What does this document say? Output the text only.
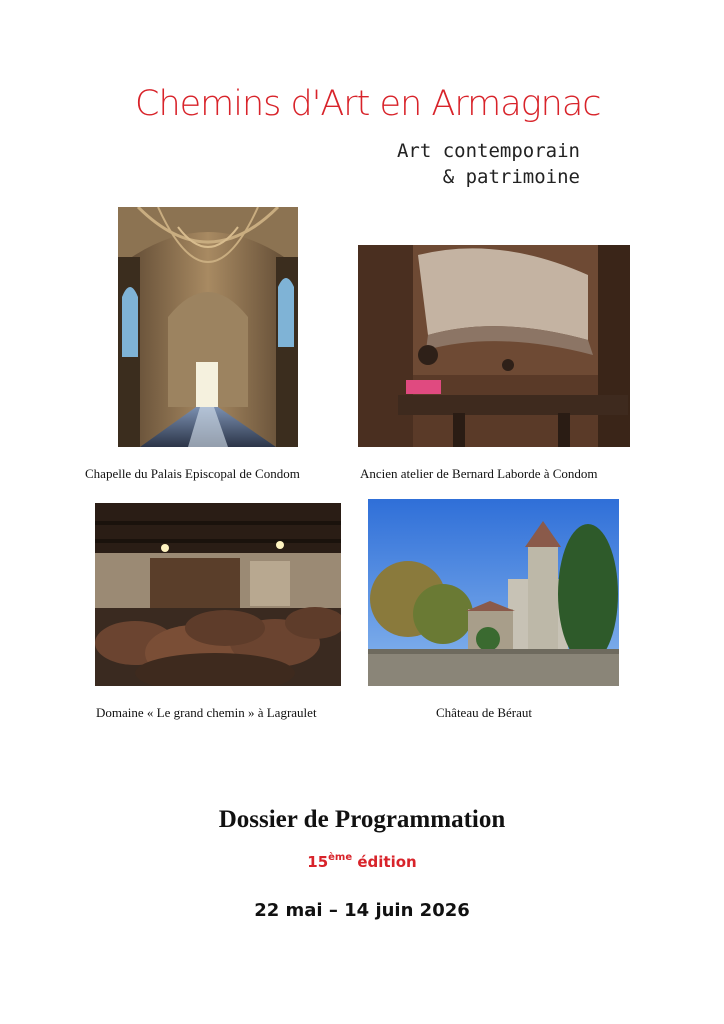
Chemins d'Art en Armagnac
Art contemporain
& patrimoine
Chapelle du Palais Episcopal de Condom	Ancien atelier de Bernard Laborde à Condom
Domaine « Le grand chemin » à Lagraulet	Château de Béraut
Dossier de Programmation
15ème édition
22 mai – 14 juin 2026
